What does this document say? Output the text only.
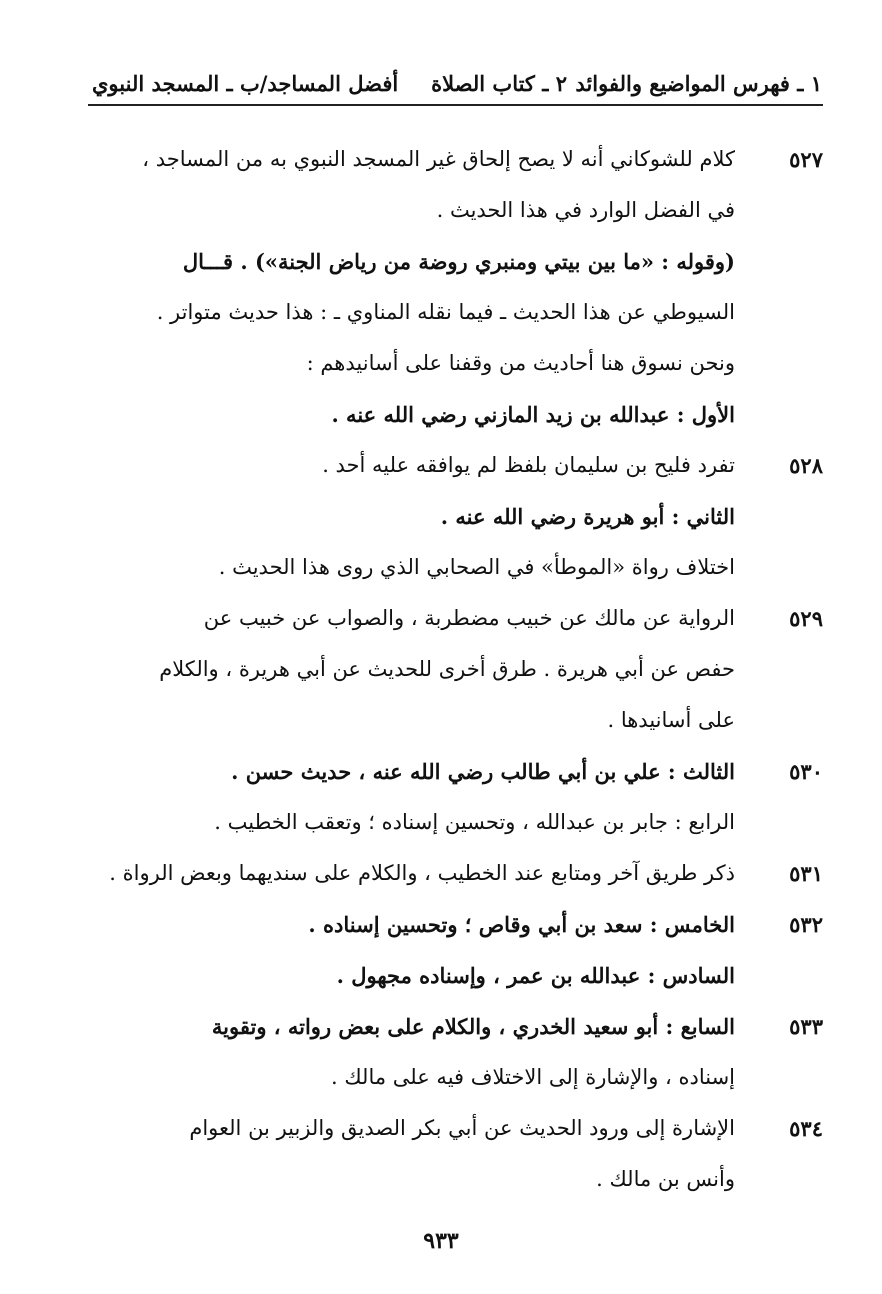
١ ـ فهرس المواضيع والفوائد
٢ ـ كتاب الصلاة
أفضل المساجد/ب ـ المسجد النبوي
٥٢٧
كلام للشوكاني أنه لا يصح إلحاق غير المسجد النبوي به من المساجد ،
في الفضل الوارد في هذا الحديث .
(وقوله : «ما بين بيتي ومنبري روضة من رياض الجنة») . قـــال
السيوطي عن هذا الحديث ـ فيما نقله المناوي ـ : هذا حديث متواتر .
ونحن نسوق هنا أحاديث من وقفنا على أسانيدهم :
الأول : عبدالله بن زيد المازني رضي الله عنه .
٥٢٨
تفرد فليح بن سليمان بلفظ لم يوافقه عليه أحد .
الثاني : أبو هريرة رضي الله عنه .
اختلاف رواة «الموطأ» في الصحابي الذي روى هذا الحديث .
٥٢٩
الرواية عن مالك عن خبيب مضطربة ، والصواب عن خبيب عن
حفص عن أبي هريرة . طرق أخرى للحديث عن أبي هريرة ، والكلام
على أسانيدها .
٥٣٠
الثالث : علي بن أبي طالب رضي الله عنه ، حديث حسن .
الرابع : جابر بن عبدالله ، وتحسين إسناده ؛ وتعقب الخطيب .
٥٣١
ذكر طريق آخر ومتابع عند الخطيب ، والكلام على سنديهما وبعض الرواة .
٥٣٢
الخامس : سعد بن أبي وقاص ؛ وتحسين إسناده .
السادس : عبدالله بن عمر ، وإسناده مجهول .
٥٣٣
السابع : أبو سعيد الخدري ، والكلام على بعض رواته ، وتقوية
إسناده ، والإشارة إلى الاختلاف فيه على مالك .
٥٣٤
الإشارة إلى ورود الحديث عن أبي بكر الصديق والزبير بن العوام
وأنس بن مالك .
٩٣٣
